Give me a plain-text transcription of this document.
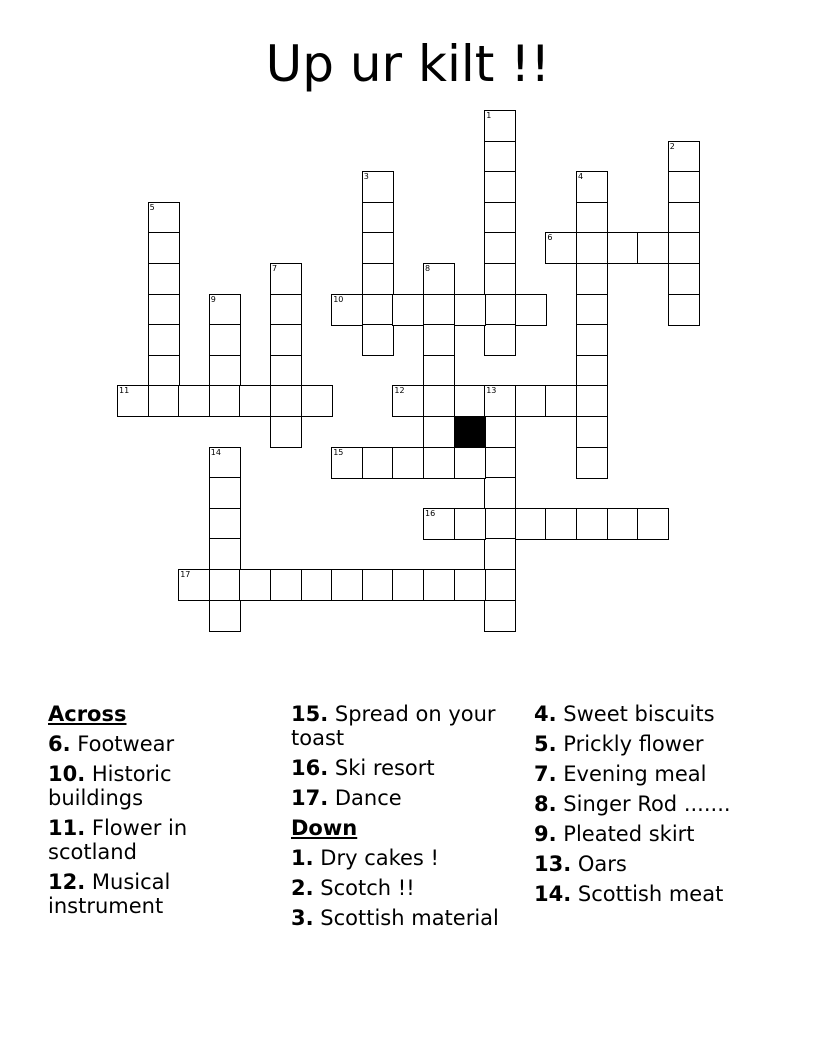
Up ur kilt !!
1
2
3	4
5
6
7	8
9	10
11	12	13
14	15
16
17
Across
6. Footwear
10. Historic buildings
11. Flower in scotland
12. Musical instrument
15. Spread on your toast
16. Ski resort
17. Dance
Down
1. Dry cakes !
2. Scotch !!
3. Scottish material
4. Sweet biscuits
5. Prickly flower
7. Evening meal
8. Singer Rod .......
9. Pleated skirt
13. Oars
14. Scottish meat
